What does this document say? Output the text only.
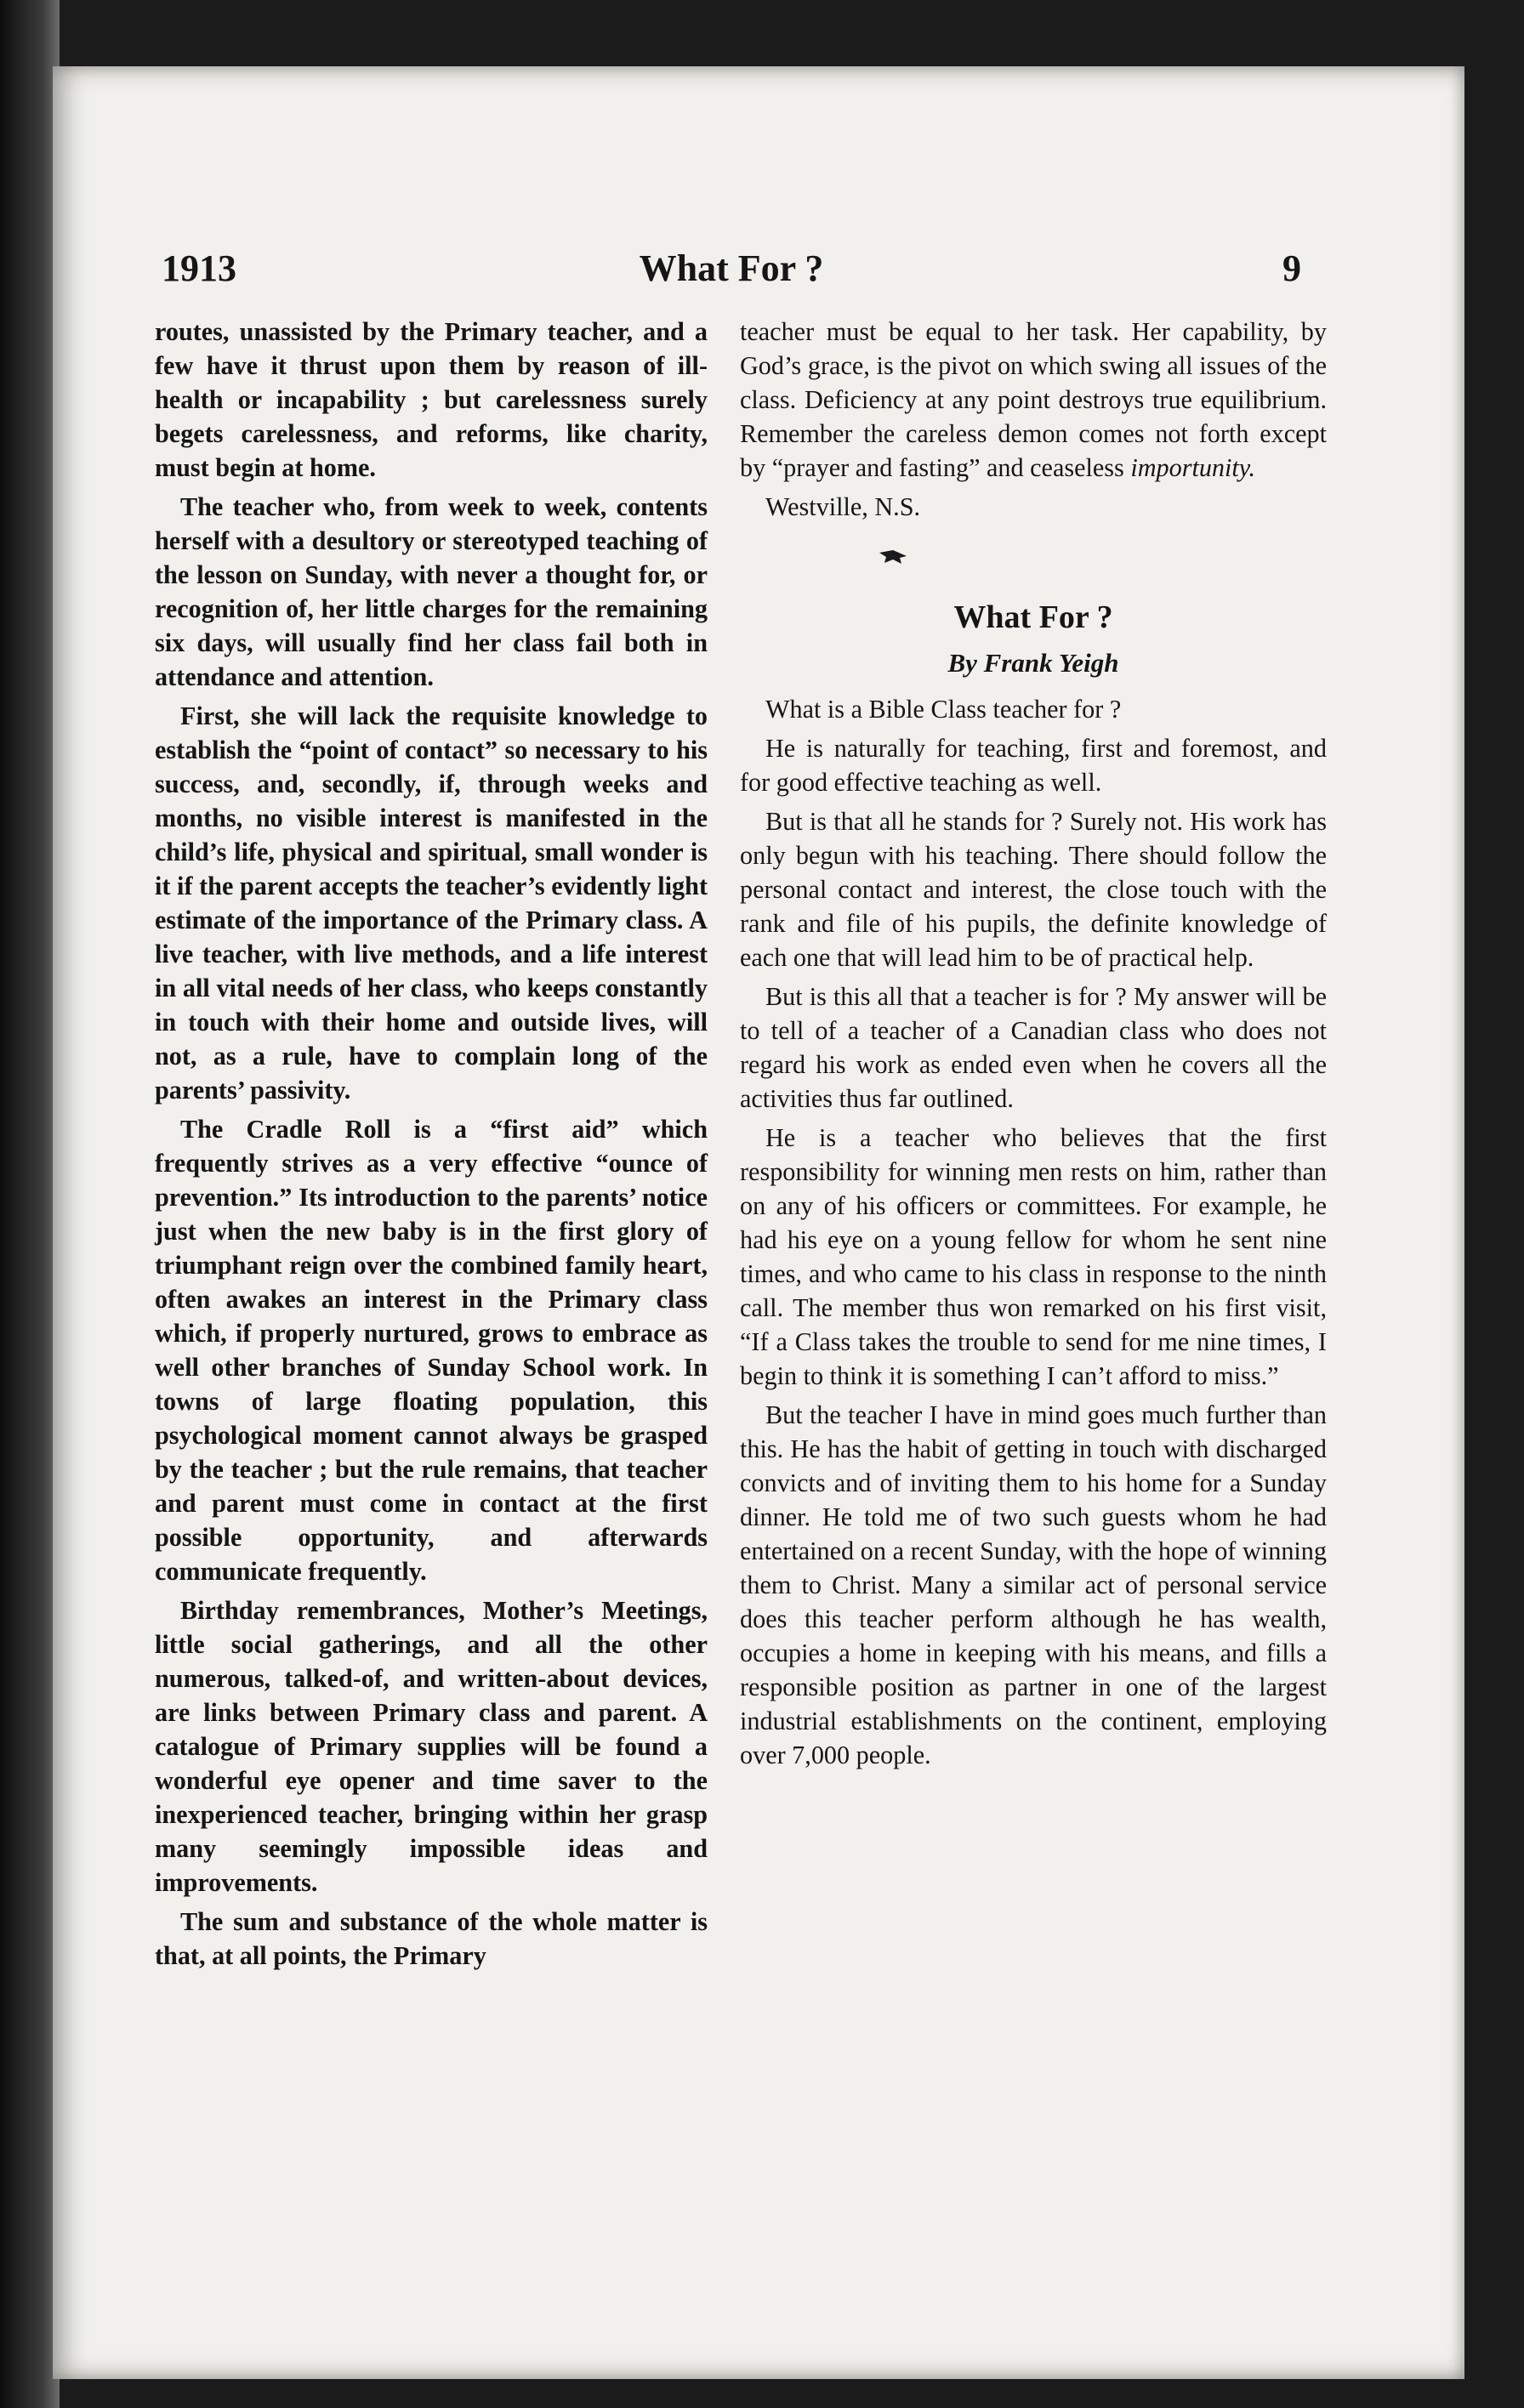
1913	What For ?	9

routes, unassisted by the Primary teacher, and a few have it thrust upon them by reason of ill-health or incapability ; but carelessness surely begets carelessness, and reforms, like charity, must begin at home.

The teacher who, from week to week, contents herself with a desultory or stereotyped teaching of the lesson on Sunday, with never a thought for, or recognition of, her little charges for the remaining six days, will usually find her class fail both in attendance and attention.

First, she will lack the requisite knowledge to establish the “point of contact” so necessary to his success, and, secondly, if, through weeks and months, no visible interest is manifested in the child’s life, physical and spiritual, small wonder is it if the parent accepts the teacher’s evidently light estimate of the importance of the Primary class. A live teacher, with live methods, and a life interest in all vital needs of her class, who keeps constantly in touch with their home and outside lives, will not, as a rule, have to complain long of the parents’ passivity.

The Cradle Roll is a “first aid” which frequently strives as a very effective “ounce of prevention.” Its introduction to the parents’ notice just when the new baby is in the first glory of triumphant reign over the combined family heart, often awakes an interest in the Primary class which, if properly nurtured, grows to embrace as well other branches of Sunday School work. In towns of large floating population, this psychological moment cannot always be grasped by the teacher ; but the rule remains, that teacher and parent must come in contact at the first possible opportunity, and afterwards communicate frequently.

Birthday remembrances, Mother’s Meetings, little social gatherings, and all the other numerous, talked-of, and written-about devices, are links between Primary class and parent. A catalogue of Primary supplies will be found a wonderful eye opener and time saver to the inexperienced teacher, bringing within her grasp many seemingly impossible ideas and improvements.

The sum and substance of the whole matter is that, at all points, the Primary

teacher must be equal to her task. Her capability, by God’s grace, is the pivot on which swing all issues of the class. Deficiency at any point destroys true equilibrium. Remember the careless demon comes not forth except by “prayer and fasting” and ceaseless importunity.

Westville, N.S.

What For ?
By Frank Yeigh

What is a Bible Class teacher for ?

He is naturally for teaching, first and foremost, and for good effective teaching as well.

But is that all he stands for ? Surely not. His work has only begun with his teaching. There should follow the personal contact and interest, the close touch with the rank and file of his pupils, the definite knowledge of each one that will lead him to be of practical help.

But is this all that a teacher is for ? My answer will be to tell of a teacher of a Canadian class who does not regard his work as ended even when he covers all the activities thus far outlined.

He is a teacher who believes that the first responsibility for winning men rests on him, rather than on any of his officers or committees. For example, he had his eye on a young fellow for whom he sent nine times, and who came to his class in response to the ninth call. The member thus won remarked on his first visit, “If a Class takes the trouble to send for me nine times, I begin to think it is something I can’t afford to miss.”

But the teacher I have in mind goes much further than this. He has the habit of getting in touch with discharged convicts and of inviting them to his home for a Sunday dinner. He told me of two such guests whom he had entertained on a recent Sunday, with the hope of winning them to Christ. Many a similar act of personal service does this teacher perform although he has wealth, occupies a home in keeping with his means, and fills a responsible position as partner in one of the largest industrial establishments on the continent, employing over 7,000 people.
